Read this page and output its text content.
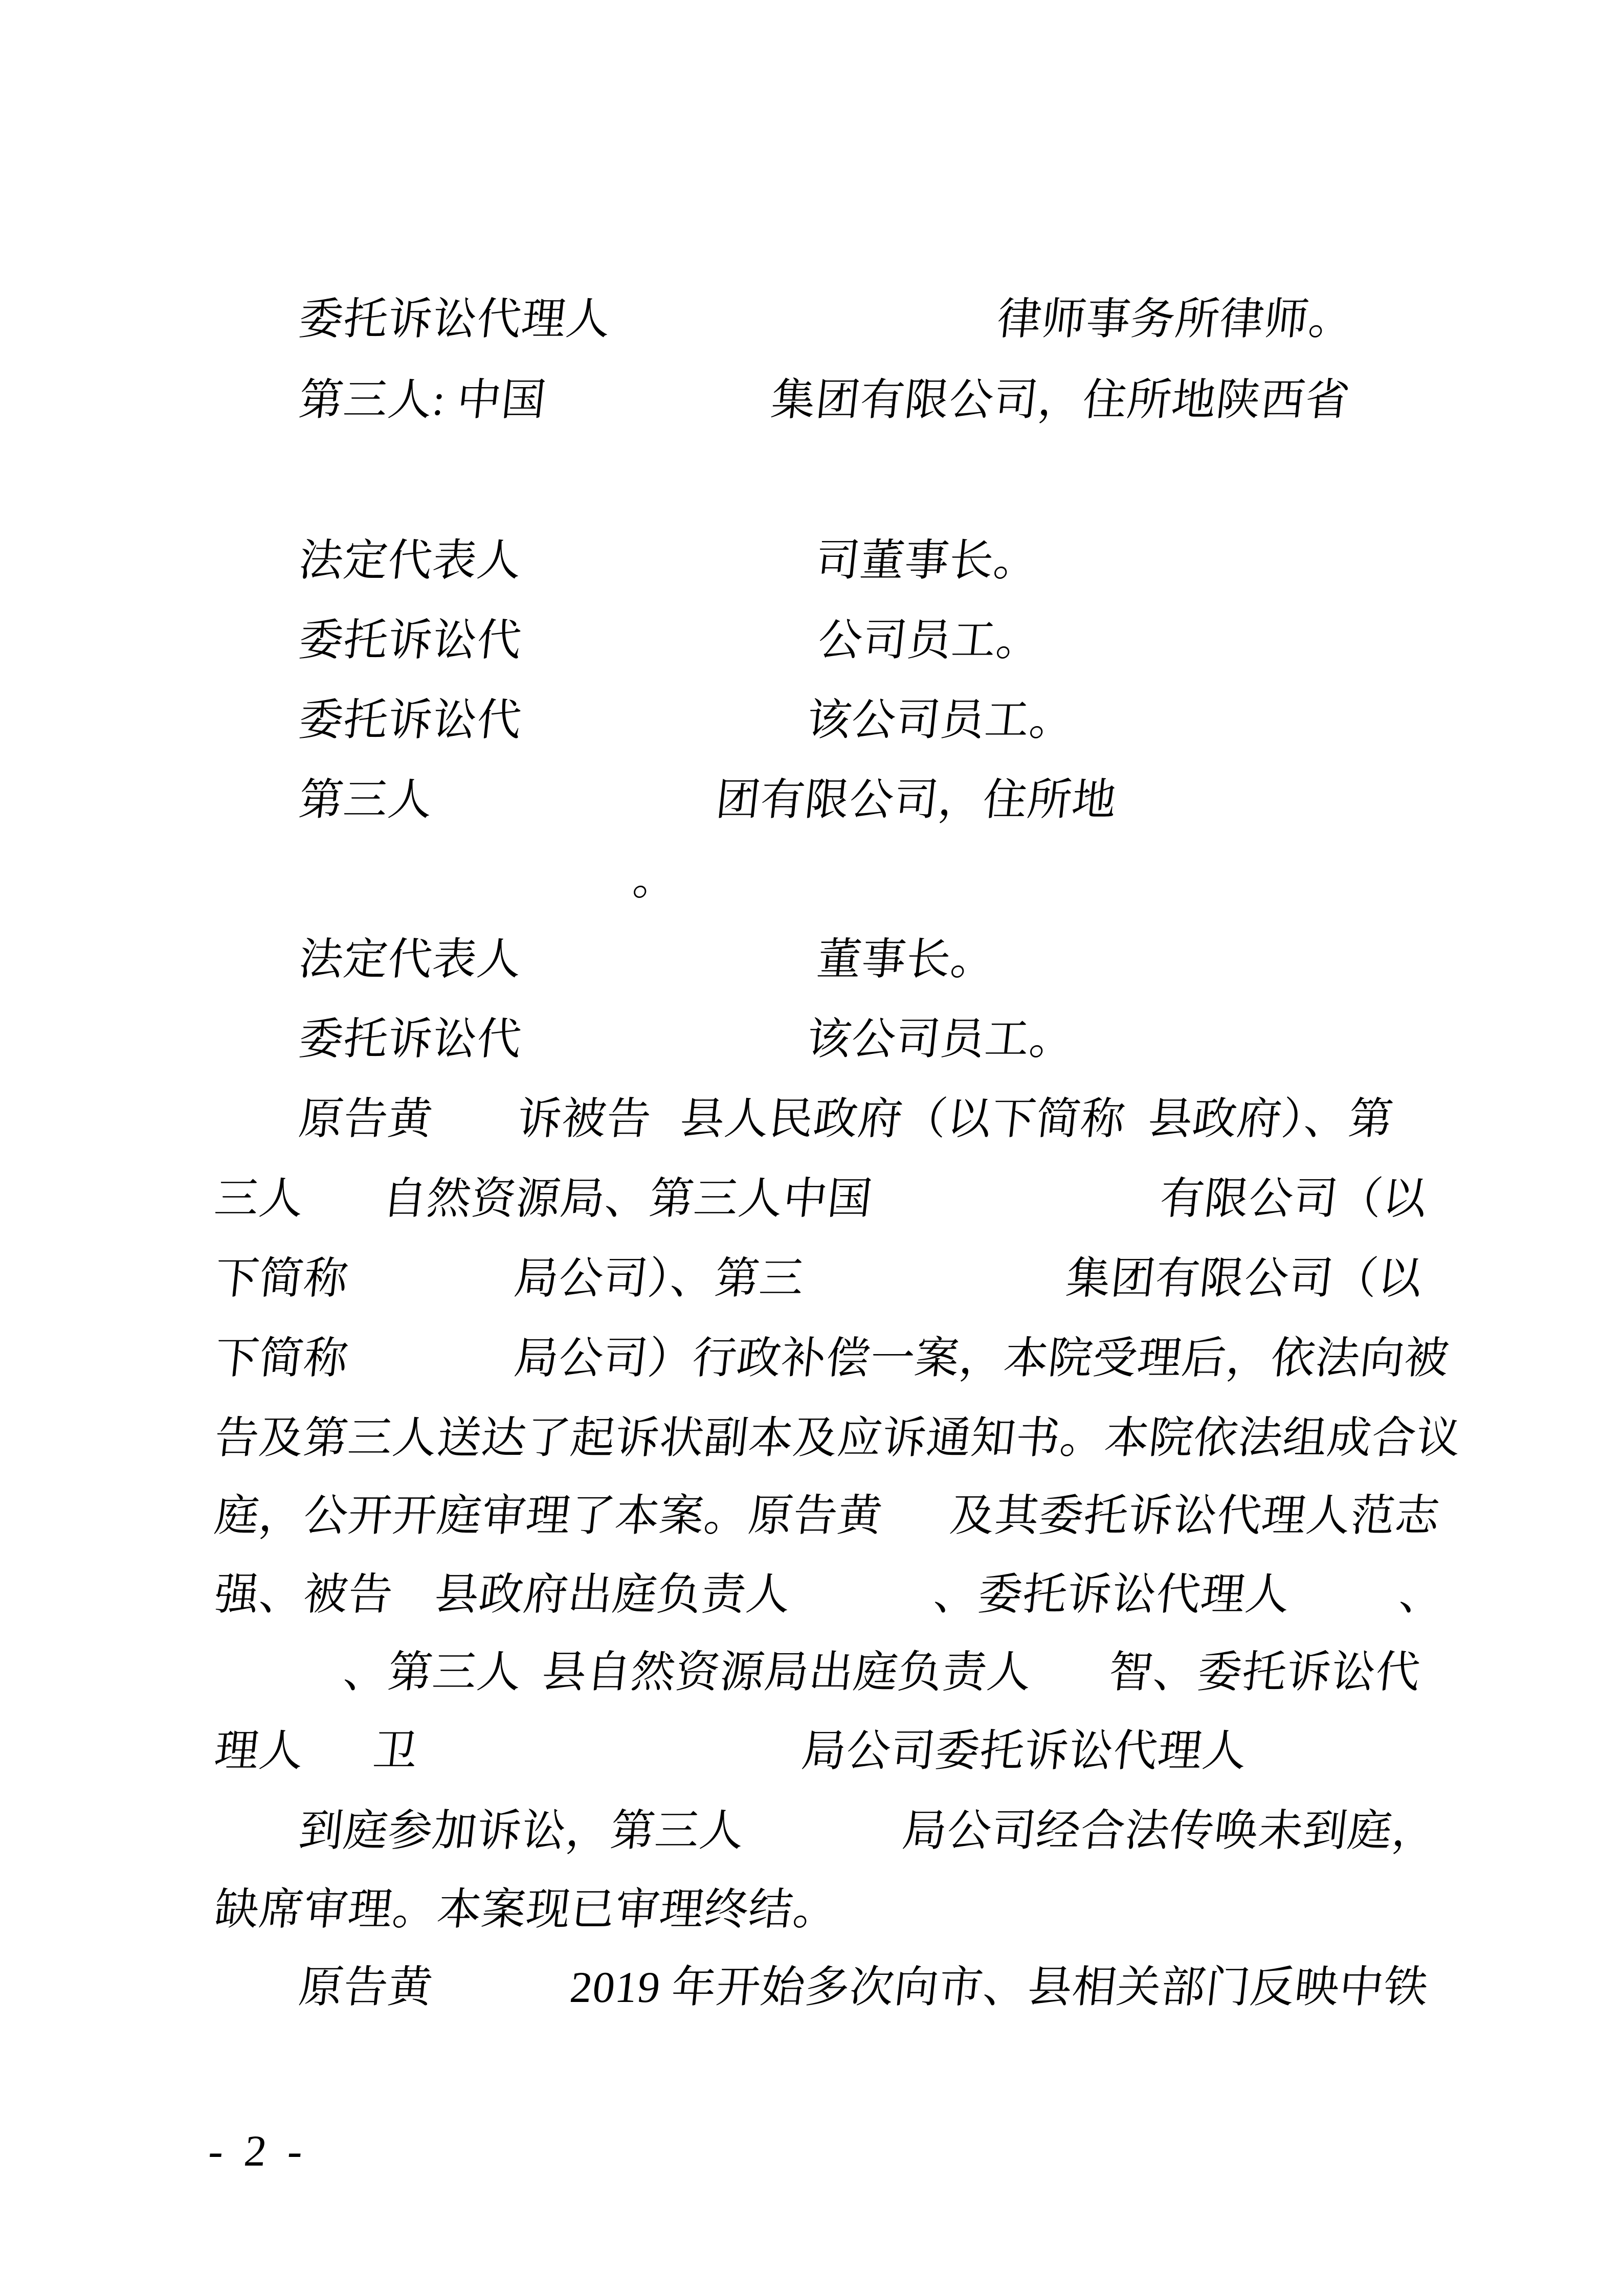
委托诉讼代理人	律师事务所律师。
第三人: 中国	集团有限公司，住所地陕西省
法定代表人	司董事长。
委托诉讼代	公司员工。
委托诉讼代	该公司员工。
第三人	团有限公司，住所地
。
法定代表人	董事长。
委托诉讼代	该公司员工。
原告黄 诉被告 县人民政府（以下简称 县政府）、第
三人 自然资源局、第三人中国	有限公司（以
下简称	局公司）、第三	集团有限公司（以
下简称	局公司）行政补偿一案，本院受理后，依法向被
告及第三人送达了起诉状副本及应诉通知书。本院依法组成合议
庭，公开开庭审理了本案。原告黄 及其委托诉讼代理人范志
强、被告 县政府出庭负责人	、委托诉讼代理人 、
、第三人 县自然资源局出庭负责人 智、委托诉讼代
理人 卫	局公司委托诉讼代理人
到庭参加诉讼，第三人	局公司经合法传唤未到庭，
缺席审理。本案现已审理终结。
原告黄	2019 年开始多次向市、县相关部门反映中铁
- 2 -
